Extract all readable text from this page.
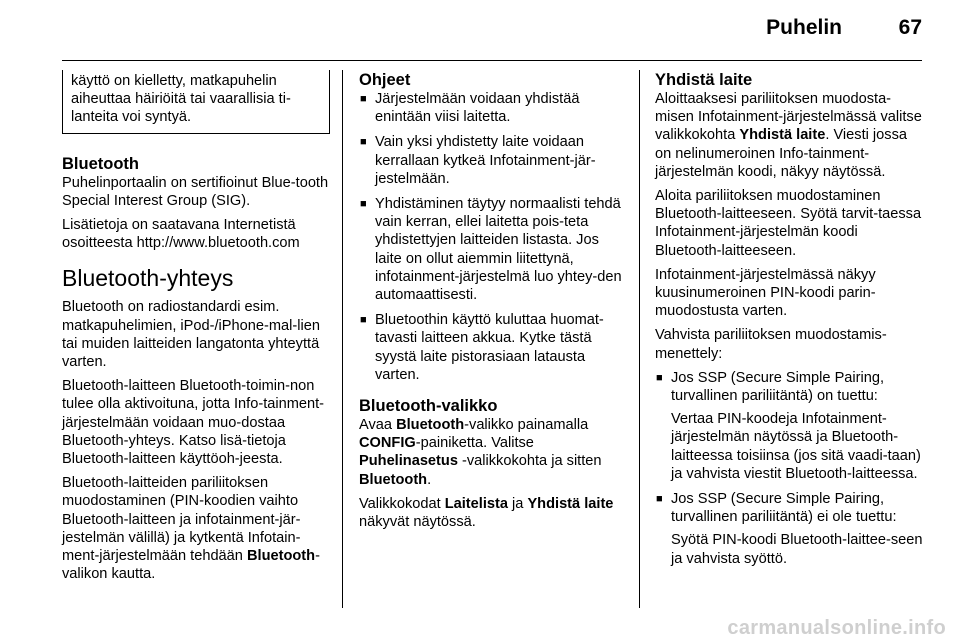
Puhelin	67

käyttö on kielletty, matkapuhelin aiheuttaa häiriöitä tai vaarallisia ti-lanteita voi syntyä.

Bluetooth

Puhelinportaalin on sertifioinut Blue-tooth Special Interest Group (SIG).

Lisätietoja on saatavana Internetistä osoitteesta http://www.bluetooth.com

Bluetooth-yhteys

Bluetooth on radiostandardi esim. matkapuhelimien, iPod-/iPhone-mal-lien tai muiden laitteiden langatonta yhteyttä varten.

Bluetooth-laitteen Bluetooth-toimin-non tulee olla aktivoituna, jotta Info-tainment-järjestelmään voidaan muo-dostaa Bluetooth-yhteys. Katso lisä-tietoja Bluetooth-laitteen käyttöoh-jeesta.

Bluetooth-laitteiden pariliitoksen muodostaminen (PIN-koodien vaihto Bluetooth-laitteen ja infotainment-jär-jestelmän välillä) ja kytkentä Infotain-ment-järjestelmään tehdään Bluetooth-valikon kautta.

Ohjeet
■ Järjestelmään voidaan yhdistää enintään viisi laitetta.
■ Vain yksi yhdistetty laite voidaan kerrallaan kytkeä Infotainment-jär-jestelmään.
■ Yhdistäminen täytyy normaalisti tehdä vain kerran, ellei laitetta pois-teta yhdistettyjen laitteiden listasta. Jos laite on ollut aiemmin liitettynä, infotainment-järjestelmä luo yhtey-den automaattisesti.
■ Bluetoothin käyttö kuluttaa huomat-tavasti laitteen akkua. Kytke tästä syystä laite pistorasiaan latausta varten.
Bluetooth-valikko

Avaa Bluetooth-valikko painamalla CONFIG-painiketta. Valitse Puhelinasetus -valikkokohta ja sitten Bluetooth.

Valikkokodat Laitelista ja Yhdistä laite näkyvät näytössä.

Yhdistä laite

Aloittaaksesi pariliitoksen muodosta-misen Infotainment-järjestelmässä valitse valikkokohta Yhdistä laite. Viesti jossa on nelinumeroinen Info-tainment-järjestelmän koodi, näkyy näytössä.

Aloita pariliitoksen muodostaminen Bluetooth-laitteeseen. Syötä tarvit-taessa Infotainment-järjestelmän koodi Bluetooth-laitteeseen.

Infotainment-järjestelmässä näkyy kuusinumeroinen PIN-koodi parin-muodostusta varten.

Vahvista pariliitoksen muodostamis-menettely:

■ Jos SSP (Secure Simple Pairing, turvallinen pariliitäntä) on tuettu:

Vertaa PIN-koodeja Infotainment-järjestelmän näytössä ja Bluetooth-laitteessa toisiinsa (jos sitä vaadi-taan) ja vahvista viestit Bluetooth-laitteessa.

■ Jos SSP (Secure Simple Pairing, turvallinen pariliitäntä) ei ole tuettu:

Syötä PIN-koodi Bluetooth-laittee-seen ja vahvista syöttö.

carmanualsonline.info
